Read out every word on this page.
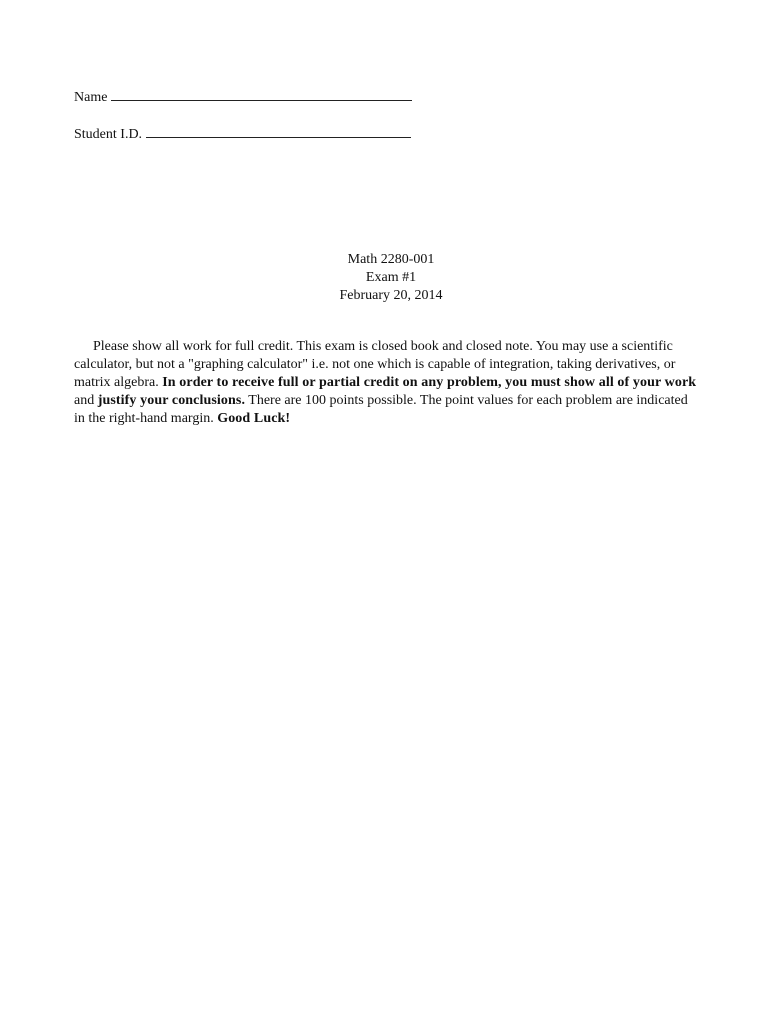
Name
Student I.D.
Math 2280-001
Exam #1
February 20, 2014

Please show all work for full credit. This exam is closed book and closed note. You may use a scientific calculator, but not a "graphing calculator" i.e. not one which is capable of integration, taking derivatives, or matrix algebra. In order to receive full or partial credit on any problem, you must show all of your work and justify your conclusions. There are 100 points possible. The point values for each problem are indicated in the right-hand margin. Good Luck!
